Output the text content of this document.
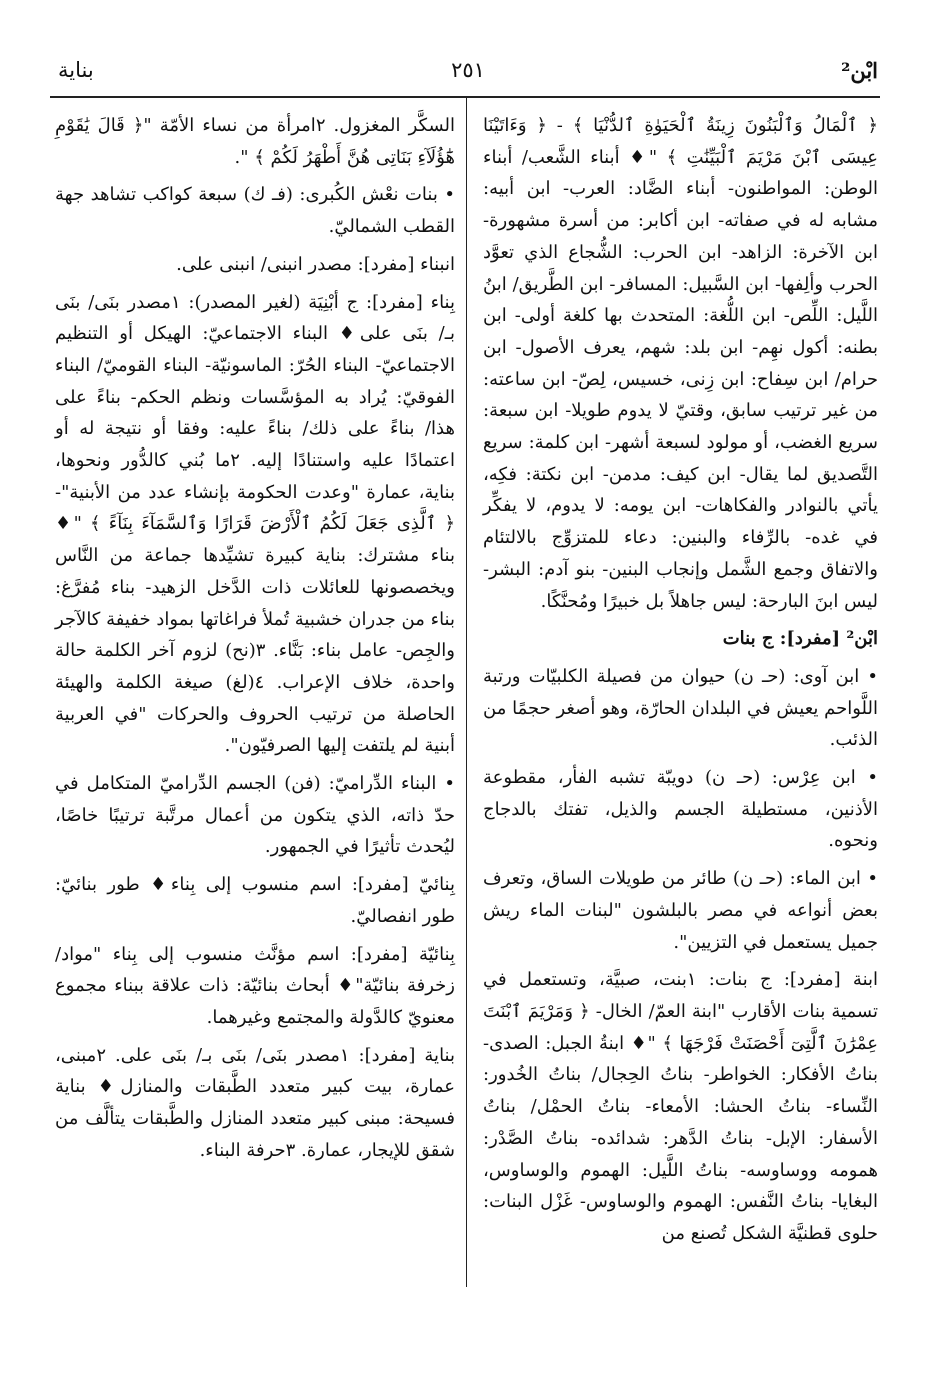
ابْن²
٢٥١
بناية

﴿ ٱلْمَالُ وَٱلْبَنُونَ زِينَةُ ٱلْحَيَوٰةِ ٱلدُّنْيَا ﴾ - ﴿ وَءَاتَيْنَا عِيسَى ٱبْنَ مَرْيَمَ ٱلْبَيِّنَٰتِ ﴾ "♦ أبناء الشَّعب/ أبناء الوطن: المواطنون- أبناء الضَّاد: العرب- ابن أبيه: مشابه له في صفاته- ابن أكابر: من أسرة مشهورة- ابن الآخرة: الزاهد- ابن الحرب: الشُّجاع الذي تعوَّد الحرب وألِفها- ابن السَّبيل: المسافر- ابن الطَّريق/ ابنُ اللَّيل: اللِّص- ابن اللُّغة: المتحدث بها كلغة أولى- ابن بطنه: أكول نهِم- ابن بلد: شهم، يعرف الأصول- ابن حرام/ ابن سِفاح: ابن زِنى، خسيس، لِصّ- ابن ساعته: من غير ترتيب سابق، وقتيّ لا يدوم طويلا- ابن سبعة: سريع الغضب، أو مولود لسبعة أشهر- ابن كلمة: سريع التَّصديق لما يقال- ابن كيف: مدمن- ابن نكتة: فكِه، يأتي بالنوادر والفكاهات- ابن يومه: لا يدوم، لا يفكِّر في غده- بالرِّفاء والبنين: دعاء للمتزوِّج بالالتئام والاتفاق وجمع الشَّمل وإنجاب البنين- بنو آدم: البشر- ليس ابنَ البارحة: ليس جاهلاً بل خبيرًا ومُحنَّكًا.

ابْن² [مفرد]: ج بنات

• ابن آوى: (حـ ن) حيوان من فصيلة الكلبيّات ورتبة اللَّواحم يعيش في البلدان الحارّة، وهو أصغر حجمًا من الذئب.

• ابن عِرْس: (حـ ن) دويبّة تشبه الفأر، مقطوعة الأذنين، مستطيلة الجسم والذيل، تفتك بالدجاج ونحوه.

• ابن الماء: (حـ ن) طائر من طويلات الساق، وتعرف بعض أنواعه في مصر بالبلشون "لبنات الماء ريش جميل يستعمل في التزيين".

ابنة [مفرد]: ج بنات: ١بنت، صبيَّة، وتستعمل في تسمية بنات الأقارب "ابنة العمّ/ الخال- ﴿ وَمَرْيَمَ ٱبْنَتَ عِمْرَٰنَ ٱلَّتِىٓ أَحْصَنَتْ فَرْجَهَا ﴾ "♦ ابنةُ الجبل: الصدى- بناتُ الأفكار: الخواطر- بناتُ الحِجال/ بناتُ الخُدور: النِّساء- بناتُ الحشا: الأمعاء- بناتُ الحمْل/ بناتُ الأسفار: الإبل- بناتُ الدَّهر: شدائده- بناتُ الصَّدْر: همومه ووساوسه- بناتُ اللَّيل: الهموم والوساوس، البغايا- بناتُ النَّفس: الهموم والوساوس- غَزْل البنات: حلوى قطنيَّة الشكل تُصنع من

السكَّر المغزول. ٢امرأة من نساء الأمّة "﴿ قَالَ يَٰقَوْمِ هَٰٓؤُلَآءِ بَنَاتِى هُنَّ أَطْهَرُ لَكُمْ ﴾ ".

• بنات نعْش الكُبرى: (فـ ك) سبعة كواكب تشاهد جهة القطب الشماليّ.

انبناء [مفرد]: مصدر انبنى/ انبنى على.

بِناء [مفرد]: ج أبْنِيَة (لغير المصدر): ١مصدر بنَى/ بنَى بـ/ بنَى على♦ البناء الاجتماعيّ: الهيكل أو التنظيم الاجتماعيّ- البناء الحُرّ: الماسونيّة- البناء القوميّ/ البناء الفوقيّ: يُراد به المؤسَّسات ونظم الحكم- بناءً على هذا/ بناءً على ذلك/ بناءً عليه: وفقا أو نتيجة له أو اعتمادًا عليه واستنادًا إليه. ٢ما بُني كالدُّور ونحوها، بناية، عمارة "وعدت الحكومة بإنشاء عدد من الأبنية"- ﴿ ٱلَّذِى جَعَلَ لَكُمُ ٱلْأَرْضَ قَرَارًا وَٱلسَّمَآءَ بِنَآءً ﴾ "♦ بناء مشترك: بناية كبيرة تشيِّدها جماعة من النَّاس ويخصصونها للعائلات ذات الدَّخل الزهيد- بناء مُفرَّغ: بناء من جدران خشبية تُملأ فراغاتها بمواد خفيفة كالآجر والجِص- عامل بناء: بَنَّاء. ٣(نح) لزوم آخر الكلمة حالة واحدة، خلاف الإعراب. ٤(لغ) صيغة الكلمة والهيئة الحاصلة من ترتيب الحروف والحركات "في العربية أبنية لم يلتفت إليها الصرفيّون".

• البناء الدِّراميّ: (فن) الجسم الدِّراميّ المتكامل في حدّ ذاته، الذي يتكون من أعمال مرتَّبة ترتيبًا خاصًا، ليُحدث تأثيرًا في الجمهور.

بِنائيّ [مفرد]: اسم منسوب إلى بِناء♦ طور بنائيّ: طور انفصاليّ.

بِنائيّة [مفرد]: اسم مؤنَّث منسوب إلى بِناء "مواد/ زخرفة بنائيّة"♦ أبحاث بنائيّة: ذات علاقة ببناء مجموع معنويّ كالدَّولة والمجتمع وغيرهما.

بناية [مفرد]: ١مصدر بنَى/ بنَى بـ/ بنَى على. ٢مبنى، عمارة، بيت كبير متعدد الطَّبقات والمنازل♦ بناية فسيحة: مبنى كبير متعدد المنازل والطَّبقات يتألَّف من شقق للإيجار، عمارة. ٣حرفة البناء.
